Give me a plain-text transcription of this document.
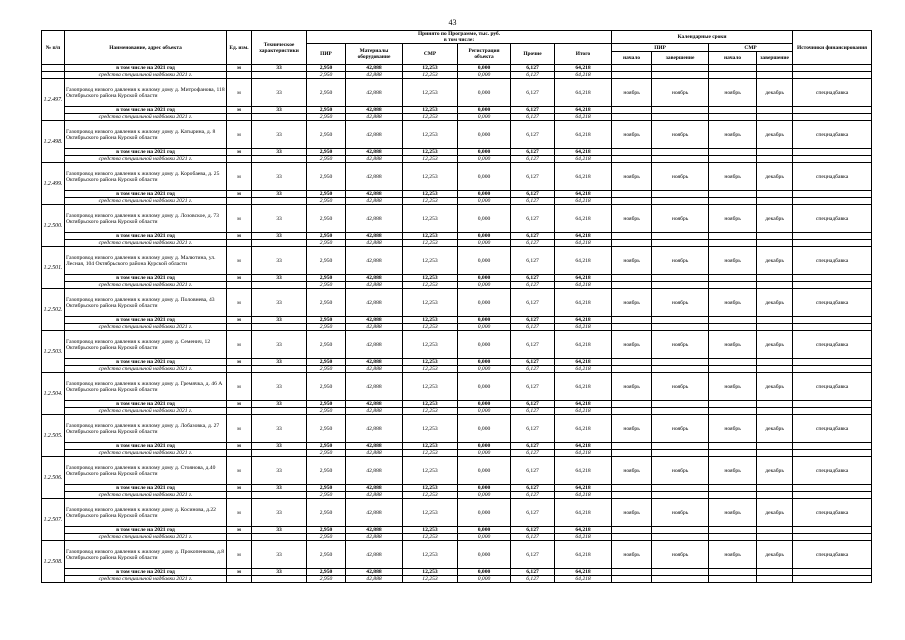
43
№ п/п	Наименование, адрес объекта	Ед. изм.	Техническое характеристики	Принято по Программе, тыс. руб.
в том числе:						Календарные сроки				Источники финансирования
				ПИР	Материалы оборудование	СМР	Регистрация объекта	Прочие	Итого	ПИР		СМР		
										начало	завершение	начало	завершение	
	в том числе на 2021 год	м	33	2,950	42,888	12,253	0,000	6,127	64,218					
	средства специальной надбавки 2021 г.			2,950	42,888	12,253	0,000	6,127	64,218					
1.2.497.	Газопровод низкого давления к жилому дому д. Митрофанова, 118 Октябрьского района Курской области	м	33	2,950	42,888	12,253	0,000	6,127	64,218	ноябрь	ноябрь	ноябрь	декабрь	спецнадбавка
	в том числе на 2021 год	м	33	2,950	42,888	12,253	0,000	6,127	64,218					
	средства специальной надбавки 2021 г.			2,950	42,888	12,253	0,000	6,127	64,218					
1.2.498.	Газопровод низкого давления к жилому дому д. Катырина, д. 8 Октябрьского района Курской области	м	33	2,950	42,888	12,253	0,000	6,127	64,218	ноябрь	ноябрь	ноябрь	декабрь	спецнадбавка
	в том числе на 2021 год	м	33	2,950	42,888	12,253	0,000	6,127	64,218					
	средства специальной надбавки 2021 г.			2,950	42,888	12,253	0,000	6,127	64,218					
1.2.499.	Газопровод низкого давления к жилому дому д. Коробаева, д. 25 Октябрьского района Курской области	м	33	2,950	42,888	12,253	0,000	6,127	64,218	ноябрь	ноябрь	ноябрь	декабрь	спецнадбавка
	в том числе на 2021 год	м	33	2,950	42,888	12,253	0,000	6,127	64,218					
	средства специальной надбавки 2021 г.			2,950	42,888	12,253	0,000	6,127	64,218					
1.2.500.	Газопровод низкого давления к жилому дому д. Лозовское, д. 73 Октябрьского района Курской области	м	33	2,950	42,888	12,253	0,000	6,127	64,218	ноябрь	ноябрь	ноябрь	декабрь	спецнадбавка
	в том числе на 2021 год	м	33	2,950	42,888	12,253	0,000	6,127	64,218					
	средства специальной надбавки 2021 г.			2,950	42,888	12,253	0,000	6,127	64,218					
1.2.501.	Газопровод низкого давления к жилому дому д. Малютина, ул. Лесная, 104 Октябрьского района Курской области	м	33	2,950	42,888	12,253	0,000	6,127	64,218	ноябрь	ноябрь	ноябрь	декабрь	спецнадбавка
	в том числе на 2021 год	м	33	2,950	42,888	12,253	0,000	6,127	64,218					
	средства специальной надбавки 2021 г.			2,950	42,888	12,253	0,000	6,127	64,218					
1.2.502.	Газопровод низкого давления к жилому дому д. Половнева, 43 Октябрьского района Курской области	м	33	2,950	42,888	12,253	0,000	6,127	64,218	ноябрь	ноябрь	ноябрь	декабрь	спецнадбавка
	в том числе на 2021 год	м	33	2,950	42,888	12,253	0,000	6,127	64,218					
	средства специальной надбавки 2021 г.			2,950	42,888	12,253	0,000	6,127	64,218					
1.2.503.	Газопровод низкого давления к жилому дому д. Семенич, 12 Октябрьского района Курской области	м	33	2,950	42,888	12,253	0,000	6,127	64,218	ноябрь	ноябрь	ноябрь	декабрь	спецнадбавка
	в том числе на 2021 год	м	33	2,950	42,888	12,253	0,000	6,127	64,218					
	средства специальной надбавки 2021 г.			2,950	42,888	12,253	0,000	6,127	64,218					
1.2.504.	Газопровод низкого давления к жилому дому д. Гремячка, д. 46 А Октябрьского района Курской области	м	33	2,950	42,888	12,253	0,000	6,127	64,218	ноябрь	ноябрь	ноябрь	декабрь	спецнадбавка
	в том числе на 2021 год	м	33	2,950	42,888	12,253	0,000	6,127	64,218					
	средства специальной надбавки 2021 г.			2,950	42,888	12,253	0,000	6,127	64,218					
1.2.505.	Газопровод низкого давления к жилому дому д. Лобазовка, д. 27 Октябрьского района Курской области	м	33	2,950	42,888	12,253	0,000	6,127	64,218	ноябрь	ноябрь	ноябрь	декабрь	спецнадбавка
	в том числе на 2021 год	м	33	2,950	42,888	12,253	0,000	6,127	64,218					
	средства специальной надбавки 2021 г.			2,950	42,888	12,253	0,000	6,127	64,218					
1.2.506.	Газопровод низкого давления к жилому дому д. Стоянова, д.40 Октябрьского района Курской области	м	33	2,950	42,888	12,253	0,000	6,127	64,218	ноябрь	ноябрь	ноябрь	декабрь	спецнадбавка
	в том числе на 2021 год	м	33	2,950	42,888	12,253	0,000	6,127	64,218					
	средства специальной надбавки 2021 г.			2,950	42,888	12,253	0,000	6,127	64,218					
1.2.507.	Газопровод низкого давления к жилому дому д. Косинова, д.22 Октябрьского района Курской области	м	33	2,950	42,888	12,253	0,000	6,127	64,218	ноябрь	ноябрь	ноябрь	декабрь	спецнадбавка
	в том числе на 2021 год	м	33	2,950	42,888	12,253	0,000	6,127	64,218					
	средства специальной надбавки 2021 г.			2,950	42,888	12,253	0,000	6,127	64,218					
1.2.508.	Газопровод низкого давления к жилому дому д. Прокопенкова, д.8 Октябрьского района Курской области	м	33	2,950	42,888	12,253	0,000	6,127	64,218	ноябрь	ноябрь	ноябрь	декабрь	спецнадбавка
	в том числе на 2021 год	м	33	2,950	42,888	12,253	0,000	6,127	64,218					
	средства специальной надбавки 2021 г.			2,950	42,888	12,253	0,000	6,127	64,218					
